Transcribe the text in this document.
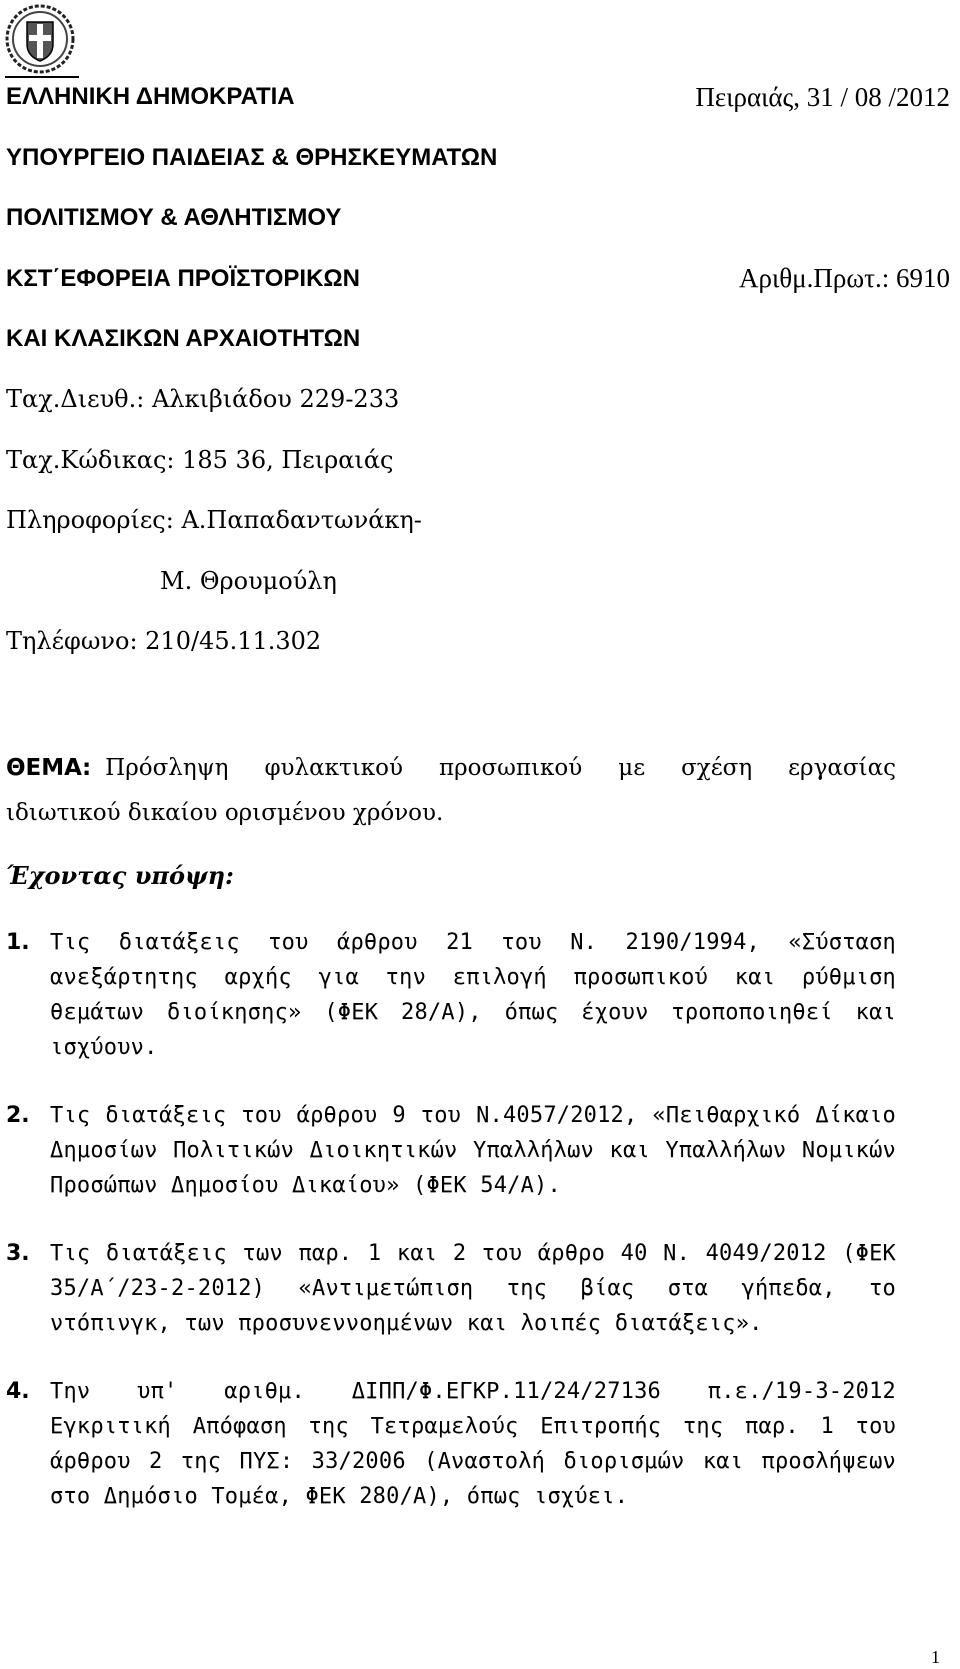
ΕΛΛΗΝΙΚΗ ΔΗΜΟΚΡΑΤΙΑ
ΥΠΟΥΡΓΕΙΟ ΠΑΙΔΕΙΑΣ & ΘΡΗΣΚΕΥΜΑΤΩΝ
ΠΟΛΙΤΙΣΜΟΥ & ΑΘΛΗΤΙΣΜΟΥ
ΚΣΤ΄ΕΦΟΡΕΙΑ ΠΡΟΪΣΤΟΡΙΚΩΝ
ΚΑΙ ΚΛΑΣΙΚΩΝ ΑΡΧΑΙΟΤΗΤΩΝ
Πειραιάς, 31 / 08 /2012
Αριθμ.Πρωτ.: 6910
Ταχ.Διευθ.: Αλκιβιάδου 229-233
Ταχ.Κώδικας: 185 36, Πειραιάς
Πληροφορίες: Α.Παπαδαντωνάκη-
Μ. Θρουμούλη
Τηλέφωνο: 210/45.11.302
ΘΕΜΑ: Πρόσληψη φυλακτικού προσωπικού με σχέση εργασίας
ιδιωτικού δικαίου ορισμένου χρόνου.
Έχοντας υπόψη:
1. Τις διατάξεις του άρθρου 21 του Ν. 2190/1994, «Σύσταση ανεξάρτητης αρχής για την επιλογή προσωπικού και ρύθμιση θεμάτων διοίκησης» (ΦΕΚ 28/Α), όπως έχουν τροποποιηθεί και ισχύουν.
2. Τις διατάξεις του άρθρου 9 του Ν.4057/2012, «Πειθαρχικό Δίκαιο Δημοσίων Πολιτικών Διοικητικών Υπαλλήλων και Υπαλλήλων Νομικών Προσώπων Δημοσίου Δικαίου» (ΦΕΚ 54/Α).
3. Τις διατάξεις των παρ. 1 και 2 του άρθρο 40 Ν. 4049/2012 (ΦΕΚ 35/Α΄/23-2-2012) «Αντιμετώπιση της βίας στα γήπεδα, το ντόπινγκ, των προσυνεννοημένων και λοιπές διατάξεις».
4. Την υπ' αριθμ. ΔΙΠΠ/Φ.ΕΓΚΡ.11/24/27136 π.ε./19-3-2012 Εγκριτική Απόφαση της Τετραμελούς Επιτροπής της παρ. 1 του άρθρου 2 της ΠΥΣ: 33/2006 (Αναστολή διορισμών και προσλήψεων στο Δημόσιο Τομέα, ΦΕΚ 280/Α), όπως ισχύει.
1
